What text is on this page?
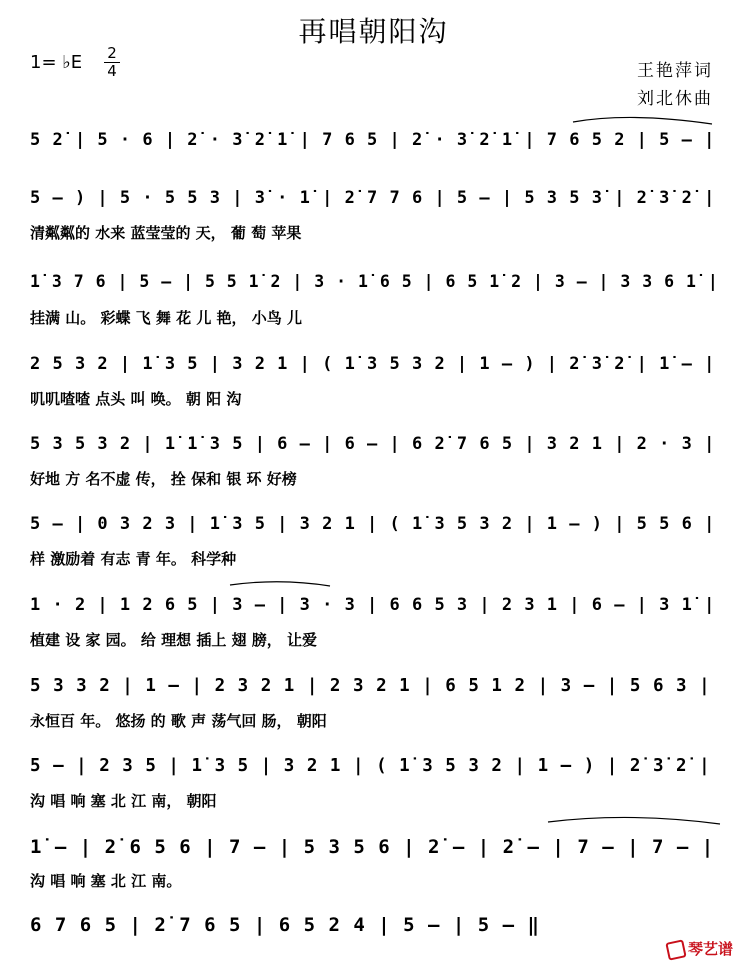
再唱朝阳沟
1= ♭E 2
4	王艳萍词
刘北休曲
5 2̇ | 5 · 6 | 2̇ · 3̇ 2̇ 1̇ | 7 6 5 | 2̇ · 3̇ 2̇ 1̇ | 7 6 5 2 | 5 — |
5 — ) | 5 · 5 5 3 | 3̇ · 1̇ | 2̇ 7 7 6 | 5 — | 5 3 5 3̇ | 2̇ 3̇ 2̇ |
清粼粼的 水来 蓝莹莹的 天， 葡 萄 苹果
1̇ 3 7 6 | 5 — | 5 5 1̇ 2 | 3 · 1̇ 6 5 | 6 5 1̇ 2 | 3 — | 3 3 6 1̇ |
挂满 山。 彩蝶 飞 舞 花 儿 艳， 小鸟 儿
2 5 3 2 | 1̇ 3 5 | 3 2 1 | ( 1̇ 3 5 3 2 | 1 — ) | 2̇ 3̇ 2̇ | 1̇ — |
叽叽喳喳 点头 叫 唤。 朝 阳 沟
5 3 5 3 2 | 1̇ 1̇ 3 5 | 6 — | 6 — | 6 2̇ 7 6 5 | 3 2 1 | 2 · 3 |
好地 方 名不虚 传， 拴 保和 银 环 好榜
5 — | 0 3 2 3 | 1̇ 3 5 | 3 2 1 | ( 1̇ 3 5 3 2 | 1 — ) | 5 5 6 |
样 激励着 有志 青 年。 科学种
1 · 2 | 1 2 6 5 | 3 — | 3 · 3 | 6 6 5 3 | 2 3 1 | 6 — | 3 1̇ |
植建 设 家 园。 给 理想 插上 翅 膀， 让爱
5 3 3 2 | 1 — | 2 3 2 1 | 2 3 2 1 | 6 5 1 2 | 3 — | 5 6 3 |
永恒百 年。 悠扬 的 歌 声 荡气回 肠， 朝阳
5 — | 2 3 5 | 1̇ 3 5 | 3 2 1 | ( 1̇ 3 5 3 2 | 1 — ) | 2̇ 3̇ 2̇ |
沟 唱 响 塞 北 江 南， 朝阳
1̇ — | 2̇ 6 5 6 | 7 — | 5 3 5 6 | 2̇ — | 2̇ — | 7 — | 7 — |
沟 唱 响 塞 北 江 南。
6 7 6 5 | 2̇ 7 6 5 | 6 5 2 4 | 5 — | 5 — ‖
琴艺谱
